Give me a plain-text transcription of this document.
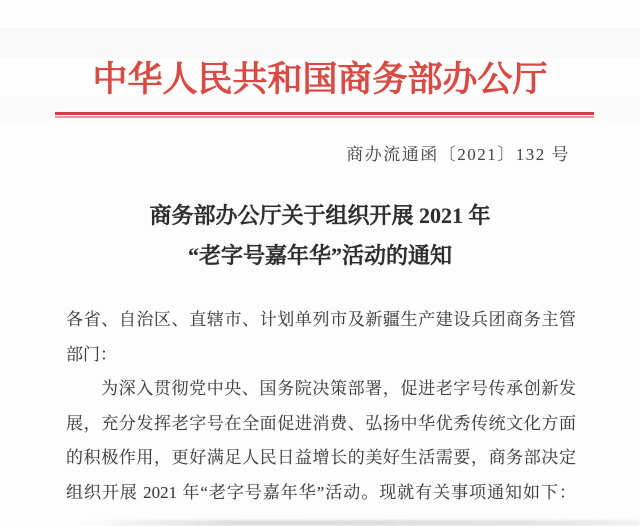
中华人民共和国商务部办公厅
商办流通函〔2021〕132 号
商务部办公厅关于组织开展 2021 年
“老字号嘉年华”活动的通知
各省、自治区、直辖市、计划单列市及新疆生产建设兵团商务主管
部门：
为深入贯彻党中央、国务院决策部署，促进老字号传承创新发
展，充分发挥老字号在全面促进消费、弘扬中华优秀传统文化方面
的积极作用，更好满足人民日益增长的美好生活需要，商务部决定
组织开展 2021 年“老字号嘉年华”活动。现就有关事项通知如下：
